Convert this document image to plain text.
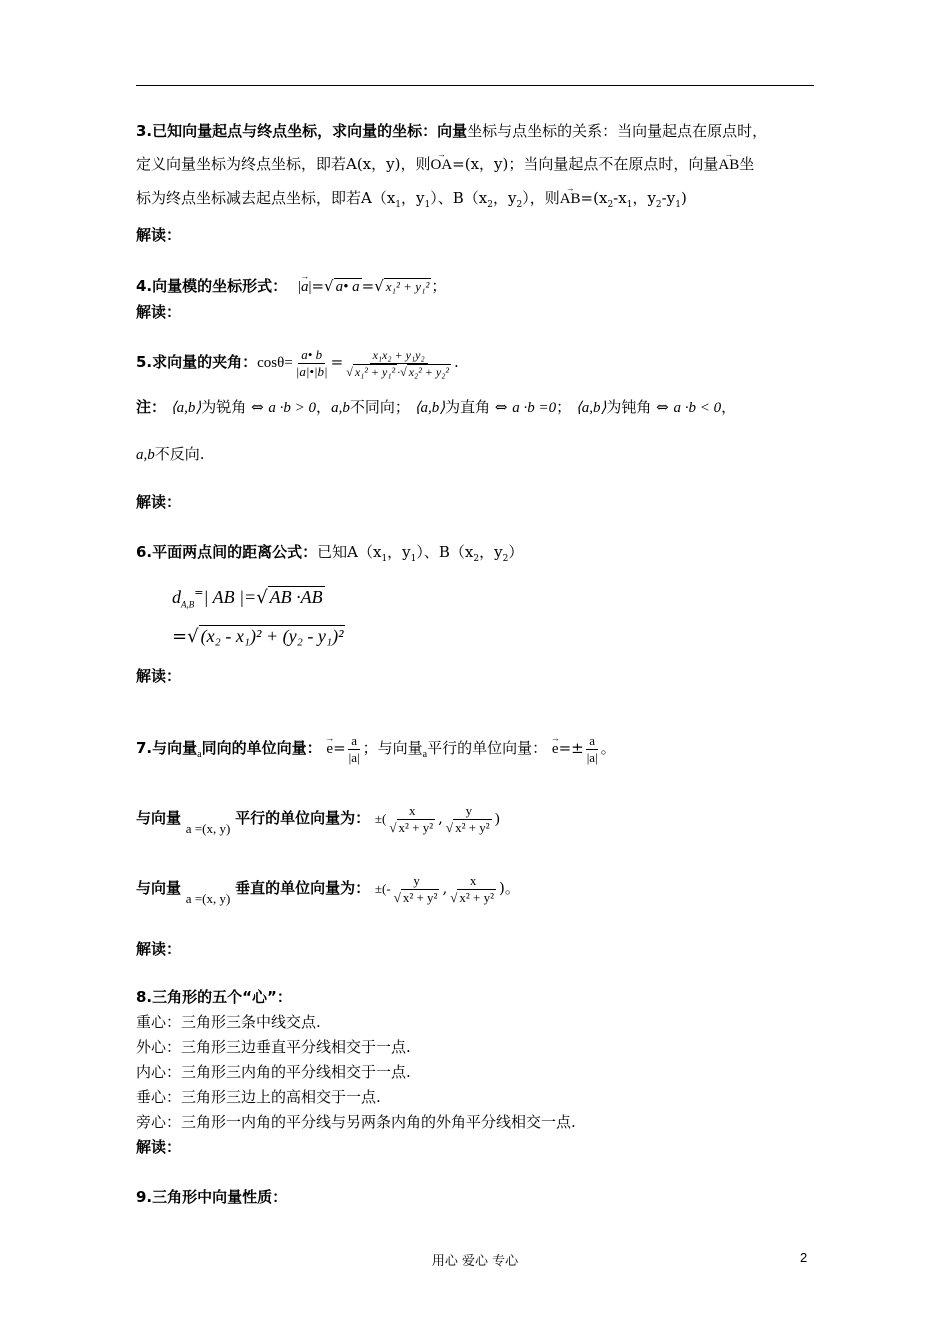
3.已知向量起点与终点坐标，求向量的坐标：向量坐标与点坐标的关系：当向量起点在原点时，
定义向量坐标为终点坐标，即若A(x，y)，则→ OA=(x，y)；当向量起点不在原点时，向量→ AB坐
标为终点坐标减去起点坐标，即若$A(x_1$，$y_1$）、$B(x_2$，$y_2$），则→ $AB=(x_2-x_1$，$y_2-y_1$)
解读：
4.向量模的坐标形式： |→ a|=√ a• a =√ x₁² + y₁² ；
解读：
5.求向量的夹角：$\cos\theta= \frac{a• b}{|a|•|b|} = \frac{\text{x₁x₂ + y₁y₂}}{\text{√ x₁² + y₁² ·√ x₂² + y₂²}}$ .
注： ⟨a,b⟩为锐角 ⇔ a ·b > 0，a,b不同向； ⟨a,b⟩为直角 ⇔ a ·b =0； ⟨a,b⟩为钝角 ⇔ a ·b < 0，
a,b不反向.
解读：
6.平面两点间的距离公式：已知$A(x_1$，$y_1$）、$B(x_2$，$y_2$）
$d_{A,B}^=|$ AB |=√ AB ·AB
=√ (x₂ - x₁)² + (y₂ - y₁)²
解读：
7.与向量$_a$同向的单位向量： → $e= \frac{a}{|a|}$ ；与向量$_a$平行的单位向量： → $e=\pm \frac{a}{|a|}$ 。
与向量 a =(x, y) 平行的单位向量为： ±( $\frac{x}{\text{√ x² + y²}}$ , $\frac{y}{\text{√ x² + y²}}$ )
与向量 a =(x, y) 垂直的单位向量为： ±(- $\frac{y}{\text{√ x² + y²}}$ , $\frac{x}{\text{√ x² + y²}}$ )。
解读：
8.三角形的五个“心”：
重心：三角形三条中线交点.
外心：三角形三边垂直平分线相交于一点.
内心：三角形三内角的平分线相交于一点.
垂心：三角形三边上的高相交于一点.
旁心：三角形一内角的平分线与另两条内角的外角平分线相交一点.
解读：
9.三角形中向量性质：
用心 爱心 专心	2
